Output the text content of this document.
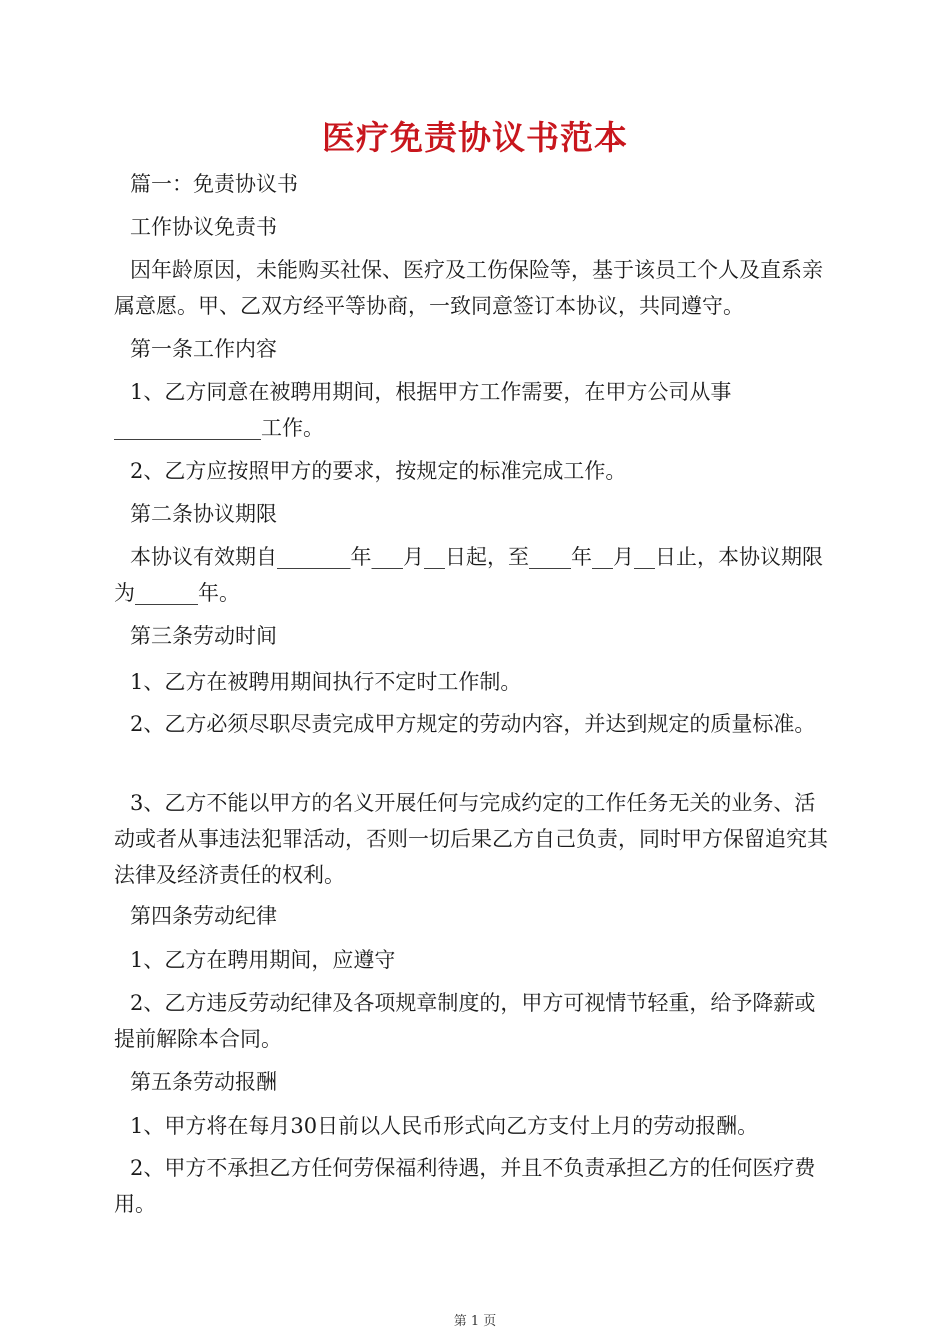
医疗免责协议书范本
篇一：免责协议书
工作协议免责书
因年龄原因，未能购买社保、医疗及工伤保险等，基于该员工个人及直系亲属意愿。甲、乙双方经平等协商，一致同意签订本协议，共同遵守。
第一条工作内容
1、乙方同意在被聘用期间，根据甲方工作需要，在甲方公司从事______________工作。
2、乙方应按照甲方的要求，按规定的标准完成工作。
第二条协议期限
本协议有效期自_______年___月__日起，至____年__月__日止，本协议期限为______年。
第三条劳动时间
1、乙方在被聘用期间执行不定时工作制。
2、乙方必须尽职尽责完成甲方规定的劳动内容，并达到规定的质量标准。
3、乙方不能以甲方的名义开展任何与完成约定的工作任务无关的业务、活动或者从事违法犯罪活动，否则一切后果乙方自己负责，同时甲方保留追究其法律及经济责任的权利。
第四条劳动纪律
1、乙方在聘用期间，应遵守
2、乙方违反劳动纪律及各项规章制度的，甲方可视情节轻重，给予降薪或提前解除本合同。
第五条劳动报酬
1、甲方将在每月30日前以人民币形式向乙方支付上月的劳动报酬。
2、甲方不承担乙方任何劳保福利待遇，并且不负责承担乙方的任何医疗费用。
第 1 页
